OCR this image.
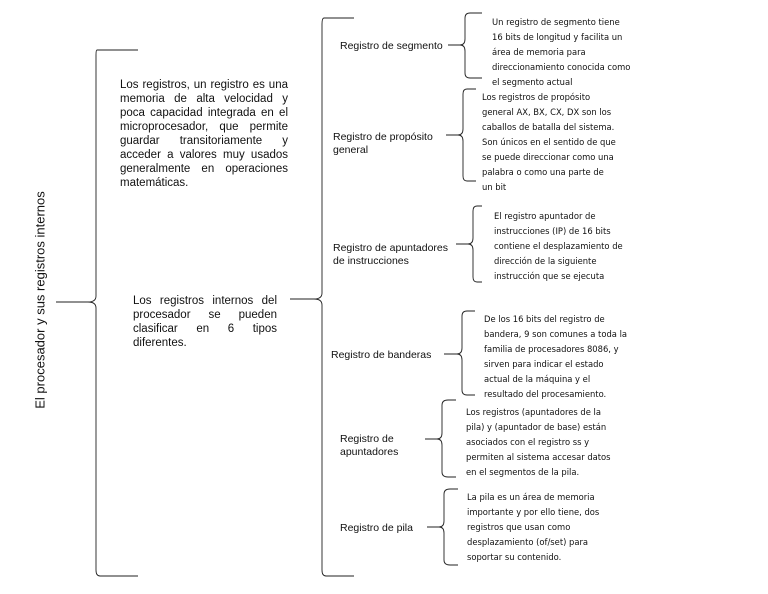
El procesador y sus registros internos
Los registros, un registro es una memoria de alta velocidad y poca capacidad integrada en el microprocesador, que permite guardar transitoriamente y acceder a valores muy usados generalmente en operaciones matemáticas.
Los registros internos del procesador se pueden clasificar en 6 tipos diferentes.
Registro de segmento
Registro de propósito general
Registro de apuntadores de instrucciones
Registro de banderas
Registro de apuntadores
Registro de pila
Un registro de segmento tiene 16 bits de longitud y facilita un área de memoria para direccionamiento conocida como el segmento actual
Los registros de propósito general AX, BX, CX, DX son los caballos de batalla del sistema. Son únicos en el sentido de que se puede direccionar como una palabra o como una parte de un bit
El registro apuntador de instrucciones (IP) de 16 bits contiene el desplazamiento de dirección de la siguiente instrucción que se ejecuta
De los 16 bits del registro de bandera, 9 son comunes a toda la familia de procesadores 8086, y sirven para indicar el estado actual de la máquina y el resultado del procesamiento.
Los registros (apuntadores de la pila) y (apuntador de base) están asociados con el registro ss y permiten al sistema accesar datos en el segmentos de la pila.
La pila es un área de memoria importante y por ello tiene, dos registros que usan como desplazamiento (of/set) para soportar su contenido.
